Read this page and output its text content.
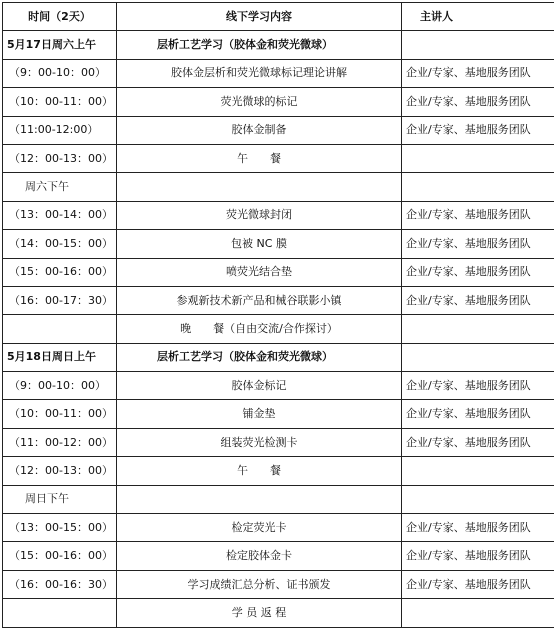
时间（2天）	线下学习内容	主讲人
5月17日周六上午	层析工艺学习（胶体金和荧光微球）	
（9：00-10：00）	胶体金层析和荧光微球标记理论讲解	企业/专家、基地服务团队
（10：00-11：00）	荧光微球的标记	企业/专家、基地服务团队
（11:00-12:00）	胶体金制备	企业/专家、基地服务团队
（12：00-13：00）	午　　餐	
周六下午		
（13：00-14：00）	荧光微球封闭	企业/专家、基地服务团队
（14：00-15：00）	包被 NC 膜	企业/专家、基地服务团队
（15：00-16：00）	喷荧光结合垫	企业/专家、基地服务团队
（16：00-17：30）	参观新技术新产品和械谷联影小镇	企业/专家、基地服务团队
	晚　　餐（自由交流/合作探讨）	
5月18日周日上午	层析工艺学习（胶体金和荧光微球）	
（9：00-10：00）	胶体金标记	企业/专家、基地服务团队
（10：00-11：00）	铺金垫	企业/专家、基地服务团队
（11：00-12：00）	组装荧光检测卡	企业/专家、基地服务团队
（12：00-13：00）	午　　餐	
周日下午		
（13：00-15：00）	检定荧光卡	企业/专家、基地服务团队
（15：00-16：00）	检定胶体金卡	企业/专家、基地服务团队
（16：00-16：30）	学习成绩汇总分析、证书颁发	企业/专家、基地服务团队
	学 员 返 程	
